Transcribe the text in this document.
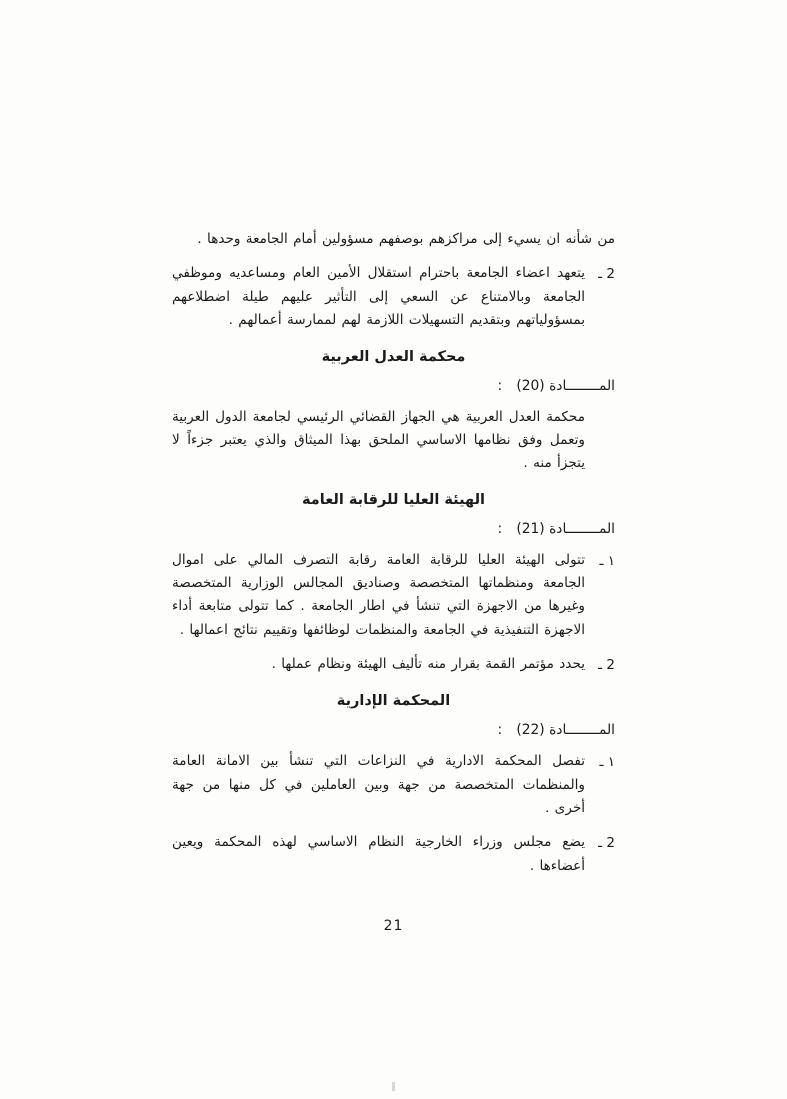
من شأنه ان يسيء إلى مراكزهم بوصفهم مسؤولين أمام الجامعة وحدها .
2 ـ
يتعهد اعضاء الجامعة باحترام استقلال الأمين العام ومساعديه وموظفي الجامعة وبالامتناع عن السعي إلى التأثير عليهم طيلة اضطلاعهم بمسؤولياتهم وبتقديم التسهيلات اللازمة لهم لممارسة أعمالهم .
محكمة العدل العربية
المــــــــادة (20):
محكمة العدل العربية هي الجهاز القضائي الرئيسي لجامعة الدول العربية وتعمل وفق نظامها الاساسي الملحق بهذا الميثاق والذي يعتبر جزءاً لا يتجزأ منه .
الهيئة العليا للرقابة العامة
المــــــــادة (21):
١ ـ
تتولى الهيئة العليا للرقابة العامة رقابة التصرف المالي على اموال الجامعة ومنظماتها المتخصصة وصناديق المجالس الوزارية المتخصصة وغيرها من الاجهزة التي تنشأ في اطار الجامعة . كما تتولى متابعة أداء الاجهزة التنفيذية في الجامعة والمنظمات لوظائفها وتقييم نتائج اعمالها .
2 ـ
يحدد مؤتمر القمة بقرار منه تأليف الهيئة ونظام عملها .
المحكمة الإدارية
المــــــــادة (22):
١ ـ
تفصل المحكمة الادارية في النزاعات التي تنشأ بين الامانة العامة والمنظمات المتخصصة من جهة وبين العاملين في كل منها من جهة أخرى .
2 ـ
يضع مجلس وزراء الخارجية النظام الاساسي لهذه المحكمة ويعين أعضاءها .
21
